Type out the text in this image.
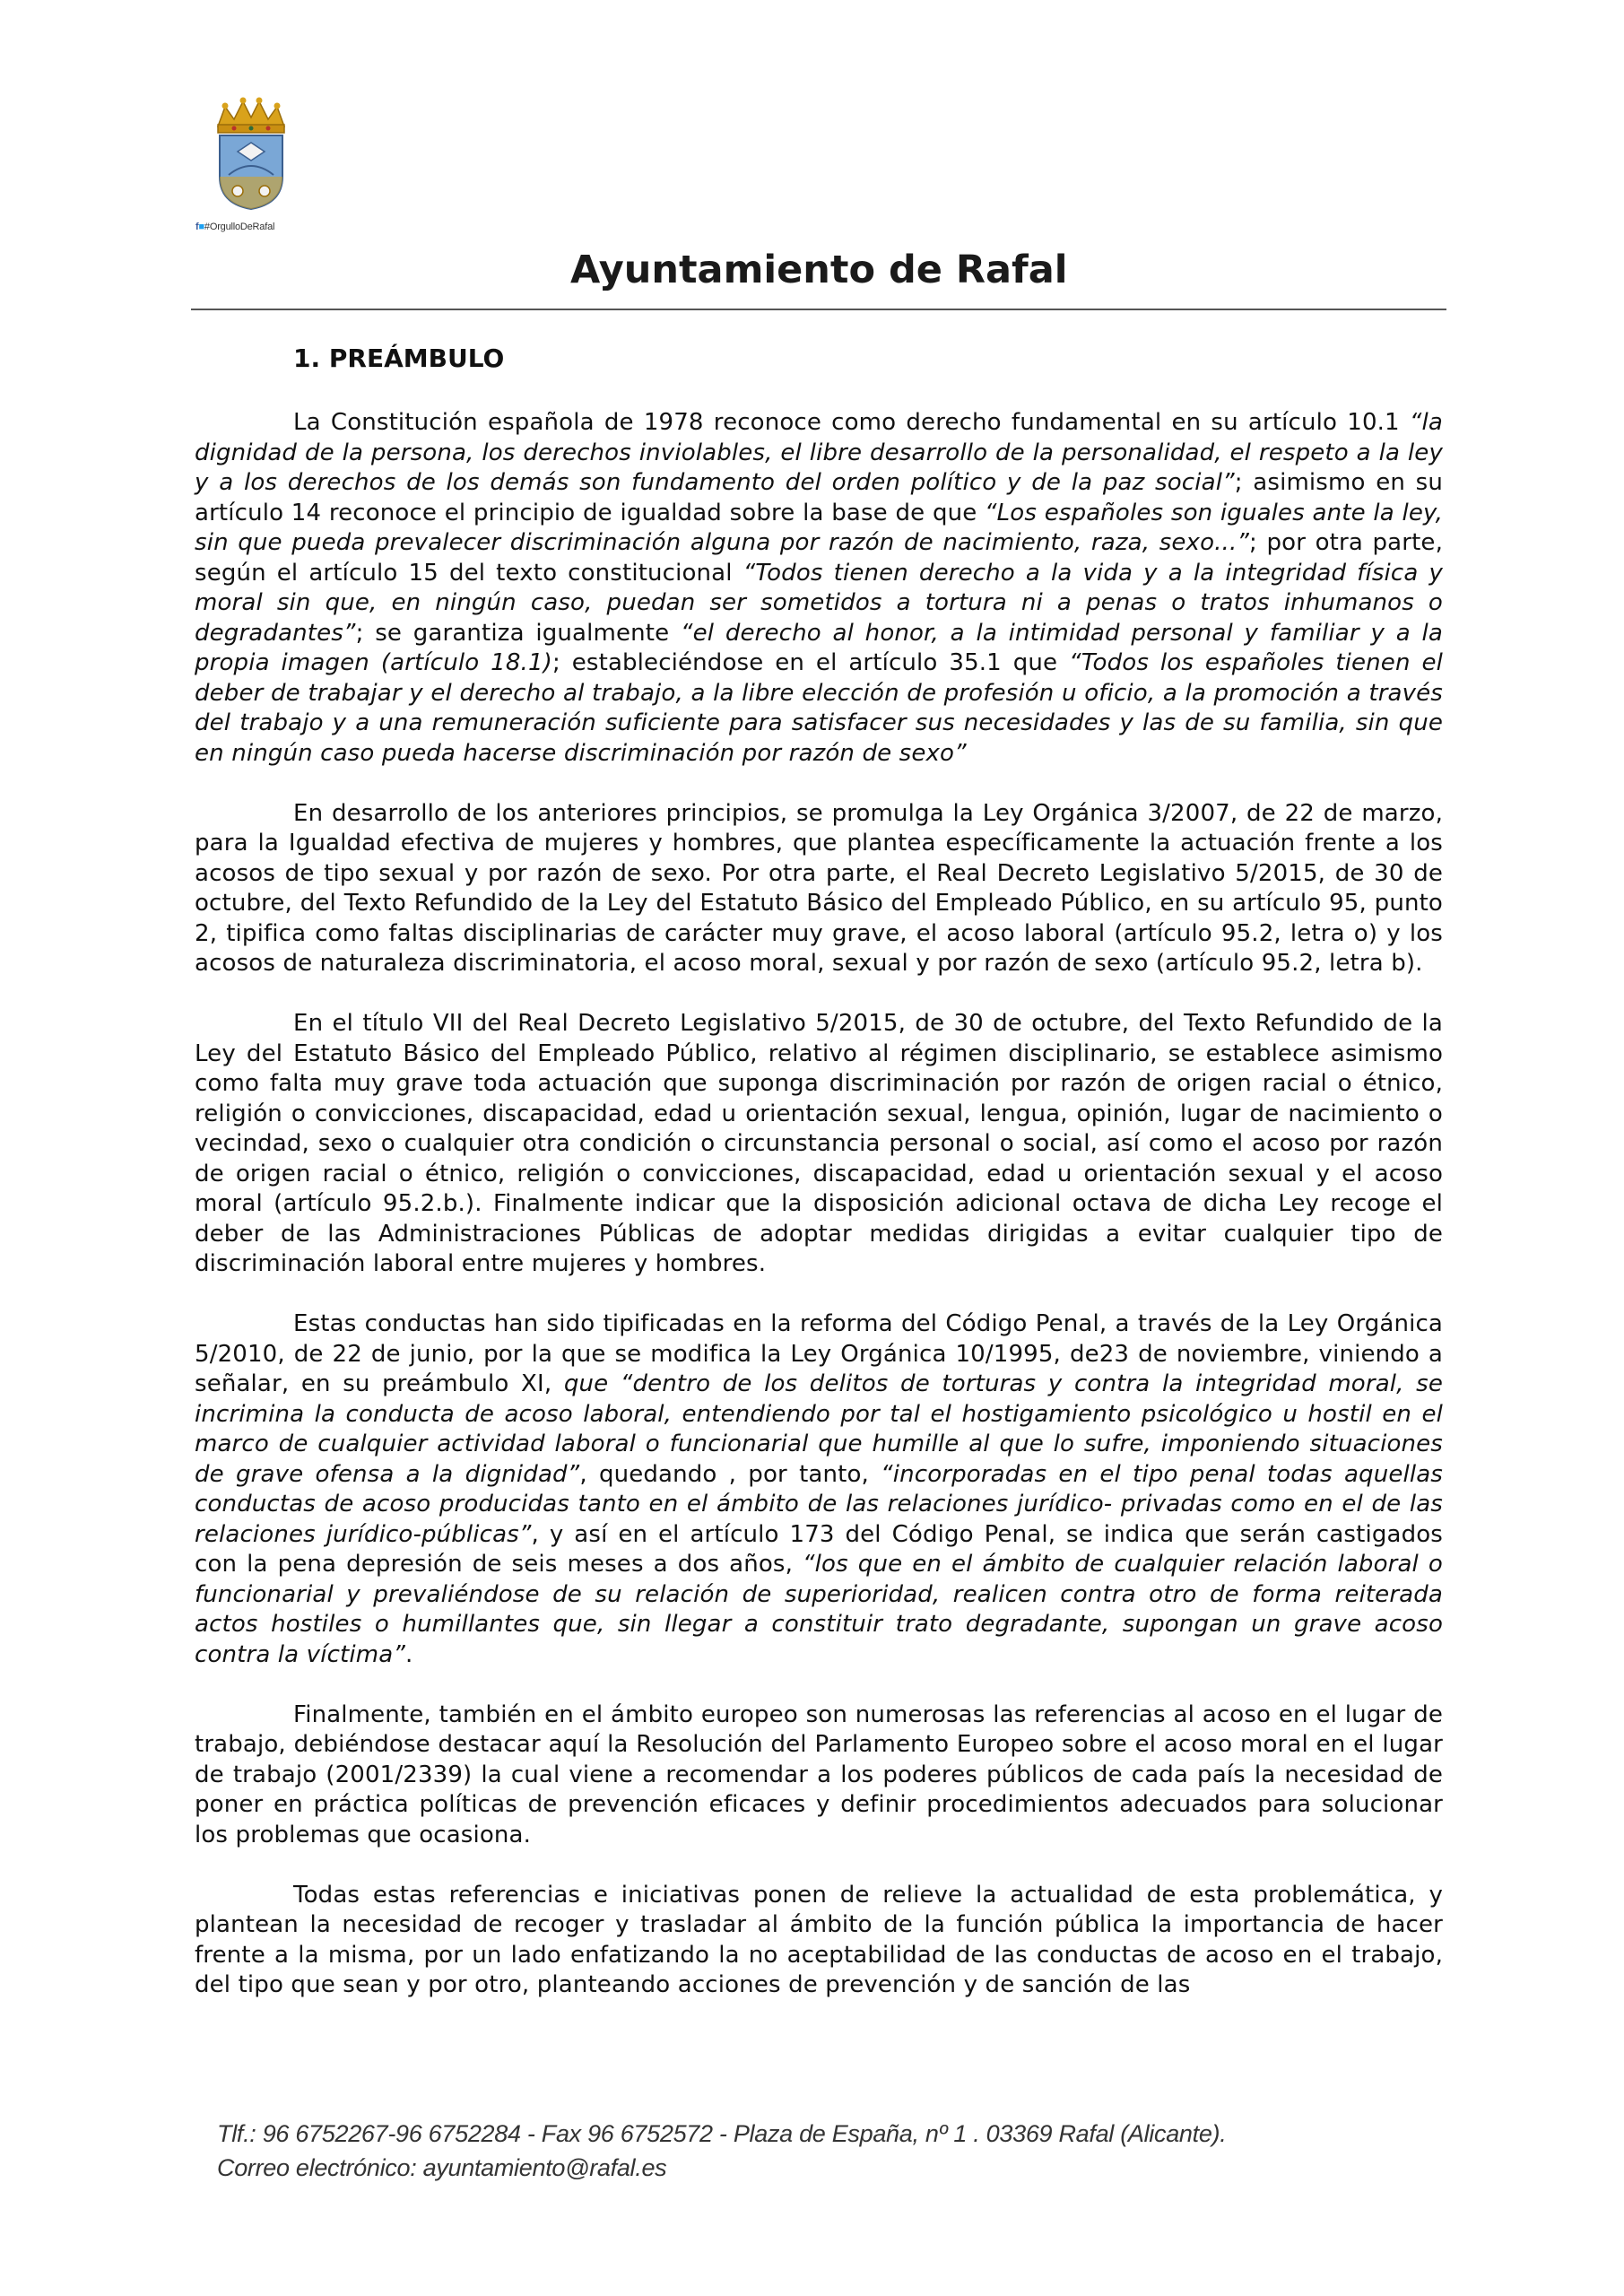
f■#OrgulloDeRafal
Ayuntamiento de Rafal
1. PREÁMBULO

La Constitución española de 1978 reconoce como derecho fundamental en su artículo 10.1 “la dignidad de la persona, los derechos inviolables, el libre desarrollo de la personalidad, el respeto a la ley y a los derechos de los demás son fundamento del orden político y de la paz social”; asimismo en su artículo 14 reconoce el principio de igualdad sobre la base de que “Los españoles son iguales ante la ley, sin que pueda prevalecer discriminación alguna por razón de nacimiento, raza, sexo...”; por otra parte, según el artículo 15 del texto constitucional “Todos tienen derecho a la vida y a la integridad física y moral sin que, en ningún caso, puedan ser sometidos a tortura ni a penas o tratos inhumanos o degradantes”; se garantiza igualmente “el derecho al honor, a la intimidad personal y familiar y a la propia imagen (artículo 18.1); estableciéndose en el artículo 35.1 que “Todos los españoles tienen el deber de trabajar y el derecho al trabajo, a la libre elección de profesión u oficio, a la promoción a través del trabajo y a una remuneración suficiente para satisfacer sus necesidades y las de su familia, sin que en ningún caso pueda hacerse discriminación por razón de sexo”

En desarrollo de los anteriores principios, se promulga la Ley Orgánica 3/2007, de 22 de marzo, para la Igualdad efectiva de mujeres y hombres, que plantea específicamente la actuación frente a los acosos de tipo sexual y por razón de sexo. Por otra parte, el Real Decreto Legislativo 5/2015, de 30 de octubre, del Texto Refundido de la Ley del Estatuto Básico del Empleado Público, en su artículo 95, punto 2, tipifica como faltas disciplinarias de carácter muy grave, el acoso laboral (artículo 95.2, letra o) y los acosos de naturaleza discriminatoria, el acoso moral, sexual y por razón de sexo (artículo 95.2, letra b).

En el título VII del Real Decreto Legislativo 5/2015, de 30 de octubre, del Texto Refundido de la Ley del Estatuto Básico del Empleado Público, relativo al régimen disciplinario, se establece asimismo como falta muy grave toda actuación que suponga discriminación por razón de origen racial o étnico, religión o convicciones, discapacidad, edad u orientación sexual, lengua, opinión, lugar de nacimiento o vecindad, sexo o cualquier otra condición o circunstancia personal o social, así como el acoso por razón de origen racial o étnico, religión o convicciones, discapacidad, edad u orientación sexual y el acoso moral (artículo 95.2.b.). Finalmente indicar que la disposición adicional octava de dicha Ley recoge el deber de las Administraciones Públicas de adoptar medidas dirigidas a evitar cualquier tipo de discriminación laboral entre mujeres y hombres.

Estas conductas han sido tipificadas en la reforma del Código Penal, a través de la Ley Orgánica 5/2010, de 22 de junio, por la que se modifica la Ley Orgánica 10/1995, de23 de noviembre, viniendo a señalar, en su preámbulo XI, que “dentro de los delitos de torturas y contra la integridad moral, se incrimina la conducta de acoso laboral, entendiendo por tal el hostigamiento psicológico u hostil en el marco de cualquier actividad laboral o funcionarial que humille al que lo sufre, imponiendo situaciones de grave ofensa a la dignidad”, quedando , por tanto, “incorporadas en el tipo penal todas aquellas conductas de acoso producidas tanto en el ámbito de las relaciones jurídico- privadas como en el de las relaciones jurídico-públicas”, y así en el artículo 173 del Código Penal, se indica que serán castigados con la pena depresión de seis meses a dos años, “los que en el ámbito de cualquier relación laboral o funcionarial y prevaliéndose de su relación de superioridad, realicen contra otro de forma reiterada actos hostiles o humillantes que, sin llegar a constituir trato degradante, supongan un grave acoso contra la víctima”.

Finalmente, también en el ámbito europeo son numerosas las referencias al acoso en el lugar de trabajo, debiéndose destacar aquí la Resolución del Parlamento Europeo sobre el acoso moral en el lugar de trabajo (2001/2339) la cual viene a recomendar a los poderes públicos de cada país la necesidad de poner en práctica políticas de prevención eficaces y definir procedimientos adecuados para solucionar los problemas que ocasiona.

Todas estas referencias e iniciativas ponen de relieve la actualidad de esta problemática, y plantean la necesidad de recoger y trasladar al ámbito de la función pública la importancia de hacer frente a la misma, por un lado enfatizando la no aceptabilidad de las conductas de acoso en el trabajo, del tipo que sean y por otro, planteando acciones de prevención y de sanción de las

Tlf.: 96 6752267-96 6752284 - Fax 96 6752572 - Plaza de España, nº 1 . 03369 Rafal (Alicante).
Correo electrónico: ayuntamiento@rafal.es
